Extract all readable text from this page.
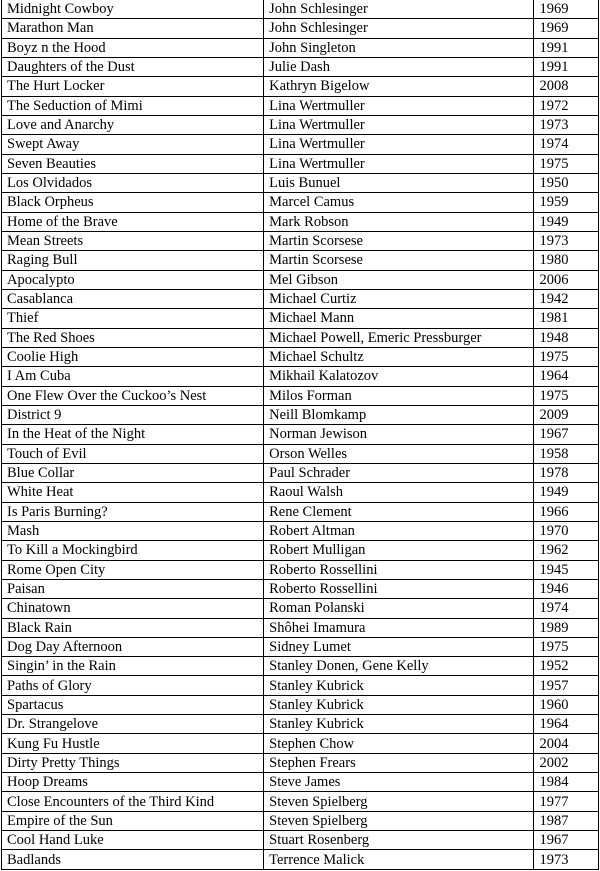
Midnight Cowboy	John Schlesinger	1969
Marathon Man	John Schlesinger	1969
Boyz n the Hood	John Singleton	1991
Daughters of the Dust	Julie Dash	1991
The Hurt Locker	Kathryn Bigelow	2008
The Seduction of Mimi	Lina Wertmuller	1972
Love and Anarchy	Lina Wertmuller	1973
Swept Away	Lina Wertmuller	1974
Seven Beauties	Lina Wertmuller	1975
Los Olvidados	Luis Bunuel	1950
Black Orpheus	Marcel Camus	1959
Home of the Brave	Mark Robson	1949
Mean Streets	Martin Scorsese	1973
Raging Bull	Martin Scorsese	1980
Apocalypto	Mel Gibson	2006
Casablanca	Michael Curtiz	1942
Thief	Michael Mann	1981
The Red Shoes	Michael Powell, Emeric Pressburger	1948
Coolie High	Michael Schultz	1975
I Am Cuba	Mikhail Kalatozov	1964
One Flew Over the Cuckoo’s Nest	Milos Forman	1975
District 9	Neill Blomkamp	2009
In the Heat of the Night	Norman Jewison	1967
Touch of Evil	Orson Welles	1958
Blue Collar	Paul Schrader	1978
White Heat	Raoul Walsh	1949
Is Paris Burning?	Rene Clement	1966
Mash	Robert Altman	1970
To Kill a Mockingbird	Robert Mulligan	1962
Rome Open City	Roberto Rossellini	1945
Paisan	Roberto Rossellini	1946
Chinatown	Roman Polanski	1974
Black Rain	Shôhei Imamura	1989
Dog Day Afternoon	Sidney Lumet	1975
Singin’ in the Rain	Stanley Donen, Gene Kelly	1952
Paths of Glory	Stanley Kubrick	1957
Spartacus	Stanley Kubrick	1960
Dr. Strangelove	Stanley Kubrick	1964
Kung Fu Hustle	Stephen Chow	2004
Dirty Pretty Things	Stephen Frears	2002
Hoop Dreams	Steve James	1984
Close Encounters of the Third Kind	Steven Spielberg	1977
Empire of the Sun	Steven Spielberg	1987
Cool Hand Luke	Stuart Rosenberg	1967
Badlands	Terrence Malick	1973
